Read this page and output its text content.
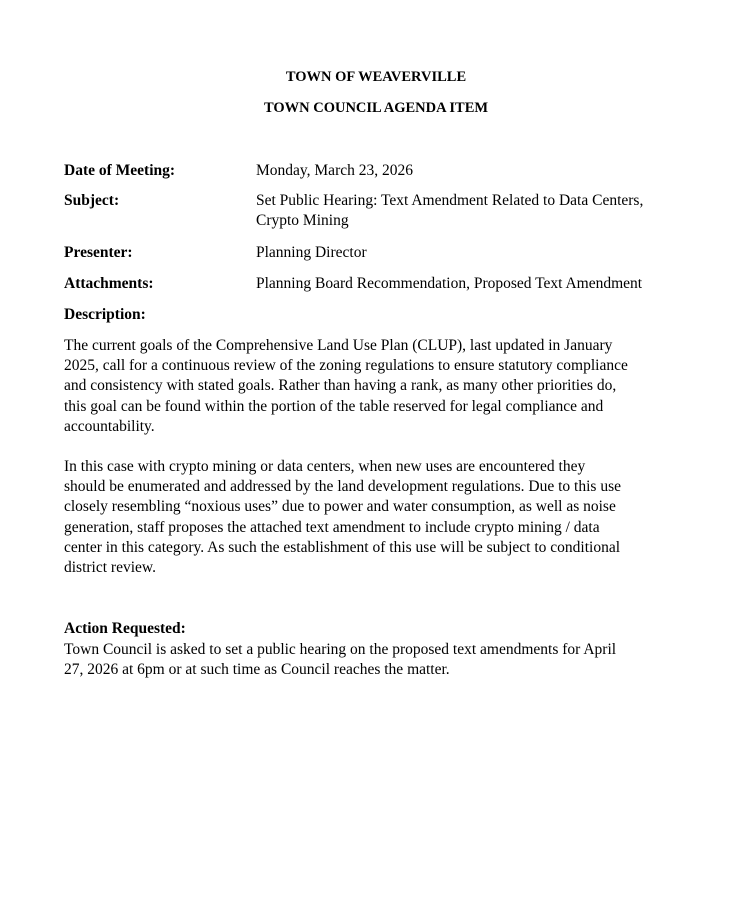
TOWN OF WEAVERVILLE
TOWN COUNCIL AGENDA ITEM
Date of Meeting:	Monday, March 23, 2026
Subject:	Set Public Hearing: Text Amendment Related to Data Centers,
Crypto Mining
Presenter:	Planning Director
Attachments:	Planning Board Recommendation, Proposed Text Amendment
Description:
The current goals of the Comprehensive Land Use Plan (CLUP), last updated in January
2025, call for a continuous review of the zoning regulations to ensure statutory compliance
and consistency with stated goals. Rather than having a rank, as many other priorities do,
this goal can be found within the portion of the table reserved for legal compliance and
accountability.
In this case with crypto mining or data centers, when new uses are encountered they
should be enumerated and addressed by the land development regulations. Due to this use
closely resembling “noxious uses” due to power and water consumption, as well as noise
generation, staff proposes the attached text amendment to include crypto mining / data
center in this category. As such the establishment of this use will be subject to conditional
district review.
Action Requested:
Town Council is asked to set a public hearing on the proposed text amendments for April
27, 2026 at 6pm or at such time as Council reaches the matter.
